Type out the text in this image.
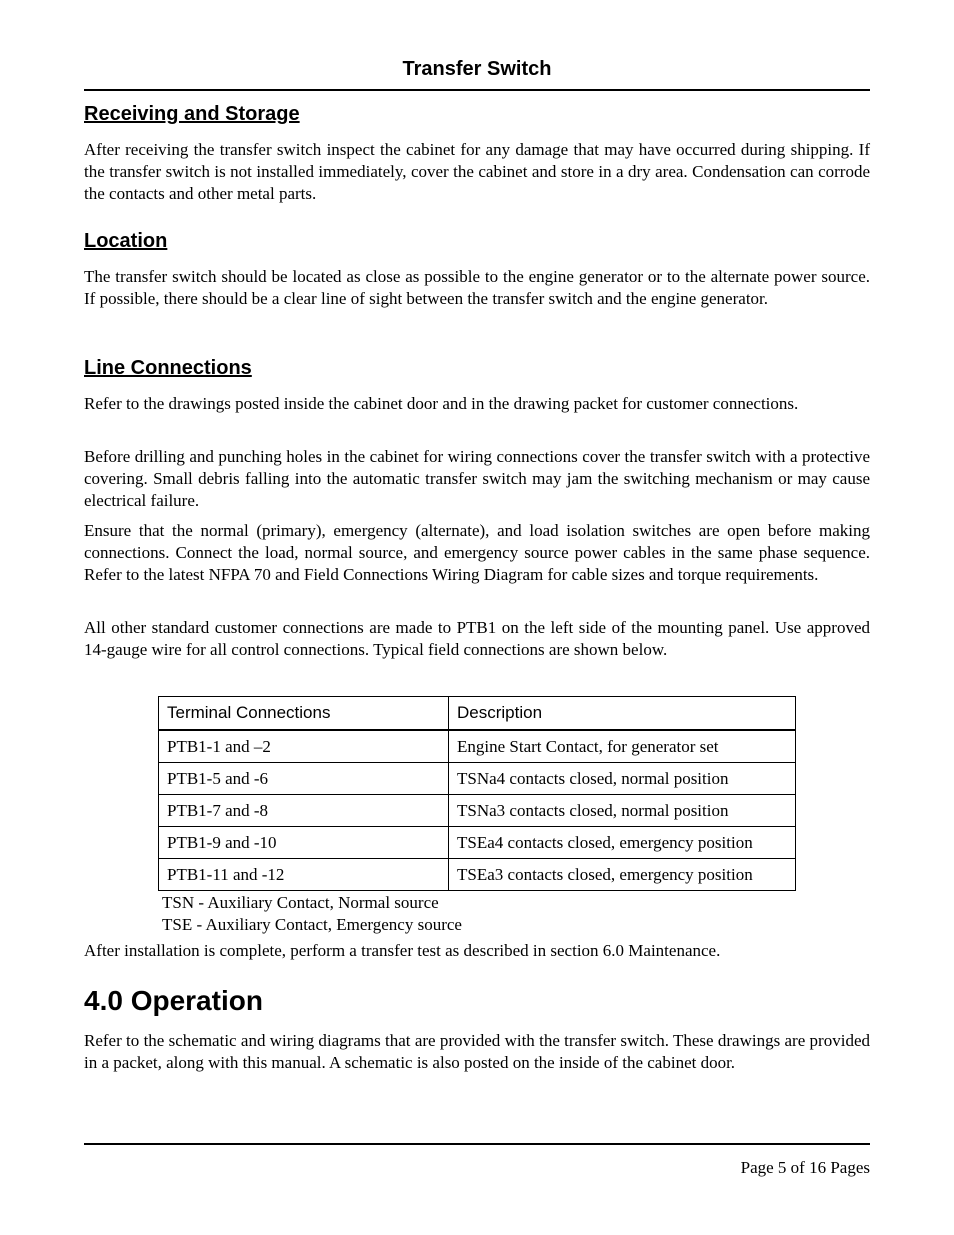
Transfer Switch
Receiving and Storage
After receiving the transfer switch inspect the cabinet for any damage that may have occurred during shipping. If the transfer switch is not installed immediately, cover the cabinet and store in a dry area. Condensation can corrode the contacts and other metal parts.
Location
The transfer switch should be located as close as possible to the engine generator or to the alternate power source. If possible, there should be a clear line of sight between the transfer switch and the engine generator.
Line Connections
Refer to the drawings posted inside the cabinet door and in the drawing packet for customer connections.
Before drilling and punching holes in the cabinet for wiring connections cover the transfer switch with a protective covering. Small debris falling into the automatic transfer switch may jam the switching mechanism or may cause electrical failure.
Ensure that the normal (primary), emergency (alternate), and load isolation switches are open before making connections. Connect the load, normal source, and emergency source power cables in the same phase sequence. Refer to the latest NFPA 70 and Field Connections Wiring Diagram for cable sizes and torque requirements.
All other standard customer connections are made to PTB1 on the left side of the mounting panel. Use approved 14-gauge wire for all control connections. Typical field connections are shown below.
Terminal Connections	Description
PTB1-1 and –2	Engine Start Contact, for generator set
PTB1-5 and -6	TSNa4 contacts closed, normal position
PTB1-7 and -8	TSNa3 contacts closed, normal position
PTB1-9 and -10	TSEa4 contacts closed, emergency position
PTB1-11 and -12	TSEa3 contacts closed, emergency position
TSN - Auxiliary Contact, Normal source
TSE - Auxiliary Contact, Emergency source
After installation is complete, perform a transfer test as described in section 6.0 Maintenance.
4.0 Operation
Refer to the schematic and wiring diagrams that are provided with the transfer switch. These drawings are provided in a packet, along with this manual. A schematic is also posted on the inside of the cabinet door.
Page 5 of 16 Pages
